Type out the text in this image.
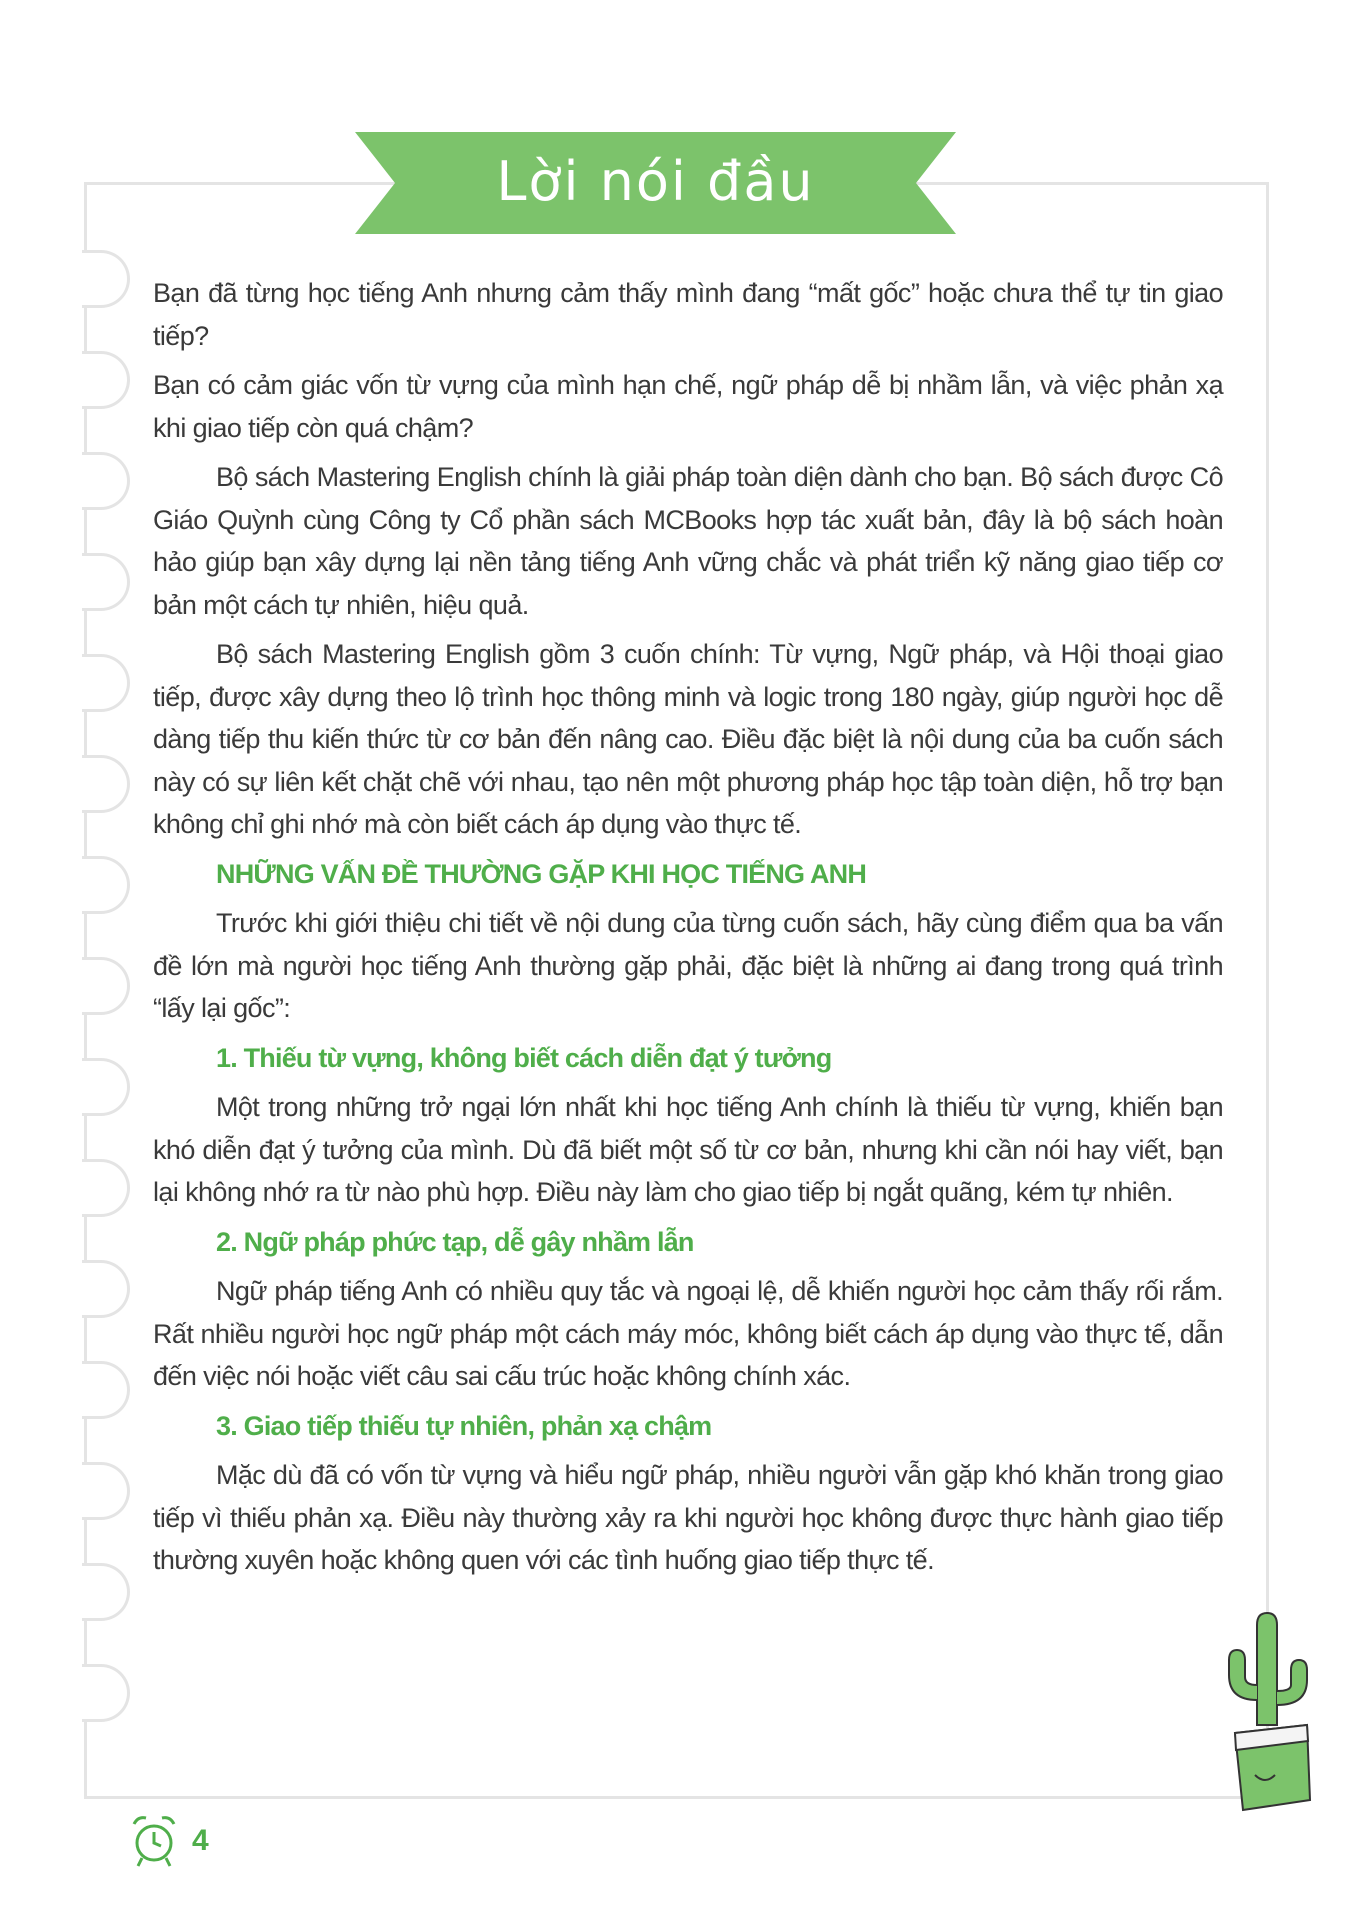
Lời nói đầu

Bạn đã từng học tiếng Anh nhưng cảm thấy mình đang “mất gốc” hoặc chưa thể tự tin giao tiếp?

Bạn có cảm giác vốn từ vựng của mình hạn chế, ngữ pháp dễ bị nhầm lẫn, và việc phản xạ khi giao tiếp còn quá chậm?

Bộ sách Mastering English chính là giải pháp toàn diện dành cho bạn. Bộ sách được Cô Giáo Quỳnh cùng Công ty Cổ phần sách MCBooks hợp tác xuất bản, đây là bộ sách hoàn hảo giúp bạn xây dựng lại nền tảng tiếng Anh vững chắc và phát triển kỹ năng giao tiếp cơ bản một cách tự nhiên, hiệu quả.

Bộ sách Mastering English gồm 3 cuốn chính: Từ vựng, Ngữ pháp, và Hội thoại giao tiếp, được xây dựng theo lộ trình học thông minh và logic trong 180 ngày, giúp người học dễ dàng tiếp thu kiến thức từ cơ bản đến nâng cao. Điều đặc biệt là nội dung của ba cuốn sách này có sự liên kết chặt chẽ với nhau, tạo nên một phương pháp học tập toàn diện, hỗ trợ bạn không chỉ ghi nhớ mà còn biết cách áp dụng vào thực tế.

NHỮNG VẤN ĐỀ THƯỜNG GẶP KHI HỌC TIẾNG ANH

Trước khi giới thiệu chi tiết về nội dung của từng cuốn sách, hãy cùng điểm qua ba vấn đề lớn mà người học tiếng Anh thường gặp phải, đặc biệt là những ai đang trong quá trình “lấy lại gốc”:

1. Thiếu từ vựng, không biết cách diễn đạt ý tưởng

Một trong những trở ngại lớn nhất khi học tiếng Anh chính là thiếu từ vựng, khiến bạn khó diễn đạt ý tưởng của mình. Dù đã biết một số từ cơ bản, nhưng khi cần nói hay viết, bạn lại không nhớ ra từ nào phù hợp. Điều này làm cho giao tiếp bị ngắt quãng, kém tự nhiên.

2. Ngữ pháp phức tạp, dễ gây nhầm lẫn

Ngữ pháp tiếng Anh có nhiều quy tắc và ngoại lệ, dễ khiến người học cảm thấy rối rắm. Rất nhiều người học ngữ pháp một cách máy móc, không biết cách áp dụng vào thực tế, dẫn đến việc nói hoặc viết câu sai cấu trúc hoặc không chính xác.

3. Giao tiếp thiếu tự nhiên, phản xạ chậm

Mặc dù đã có vốn từ vựng và hiểu ngữ pháp, nhiều người vẫn gặp khó khăn trong giao tiếp vì thiếu phản xạ. Điều này thường xảy ra khi người học không được thực hành giao tiếp thường xuyên hoặc không quen với các tình huống giao tiếp thực tế.

4
